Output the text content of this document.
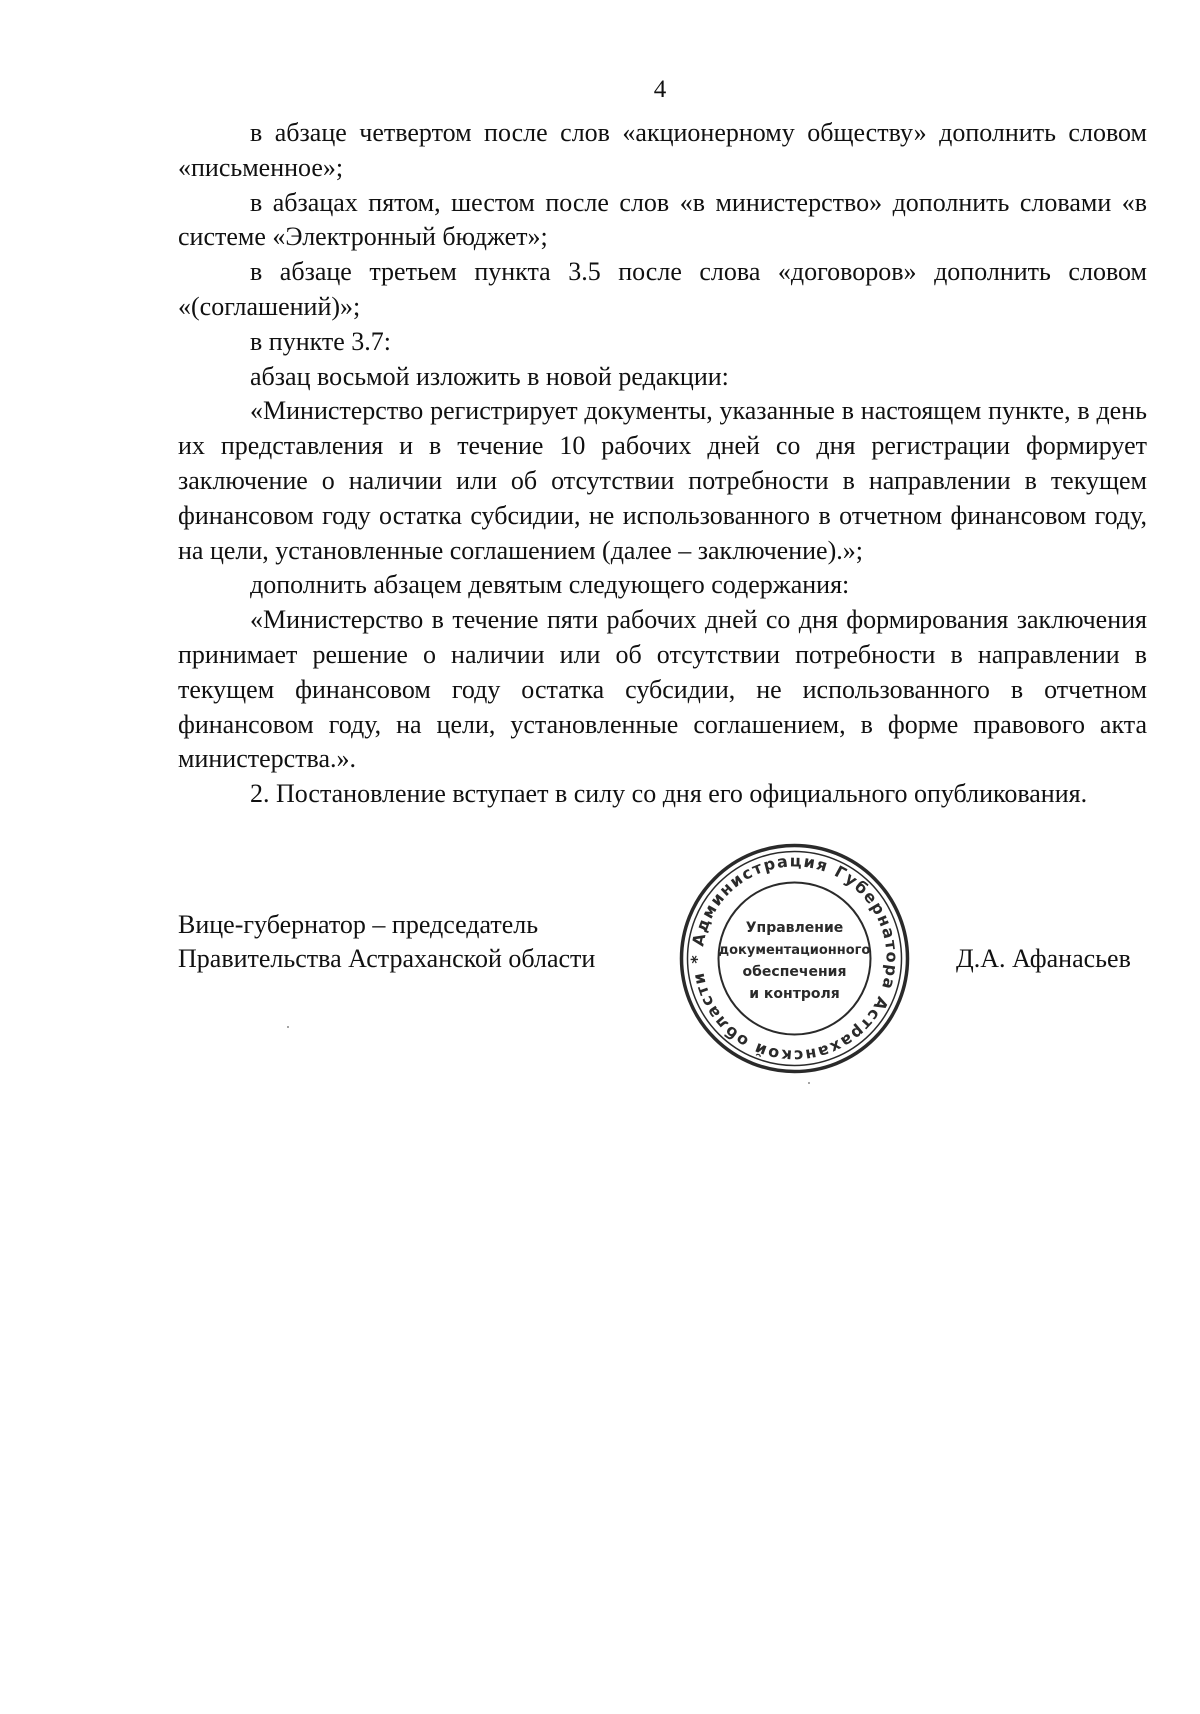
4

в абзаце четвертом после слов «акционерному обществу» дополнить словом «письменное»;

в абзацах пятом, шестом после слов «в министерство» дополнить словами «в системе «Электронный бюджет»;

в абзаце третьем пункта 3.5 после слова «договоров» дополнить словом «(соглашений)»;

в пункте 3.7:

абзац восьмой изложить в новой редакции:

«Министерство регистрирует документы, указанные в настоящем пункте, в день их представления и в течение 10 рабочих дней со дня регистрации формирует заключение о наличии или об отсутствии потребности в направлении в текущем финансовом году остатка субсидии, не использованного в отчетном финансовом году, на цели, установленные соглашением (далее – заключение).»;

дополнить абзацем девятым следующего содержания:

«Министерство в течение пяти рабочих дней со дня формирования заключения принимает решение о наличии или об отсутствии потребности в направлении в текущем финансовом году остатка субсидии, не использованного в отчетном финансовом году, на цели, установленные соглашением, в форме правового акта министерства.».

2. Постановление вступает в силу со дня его официального опубликования.

Вице-губернатор – председатель
Правительства Астраханской области	Д.А. Афанасьев
Администрация Губернатора Астраханской области *
Управление
документационного
обеспечения
и контроля
